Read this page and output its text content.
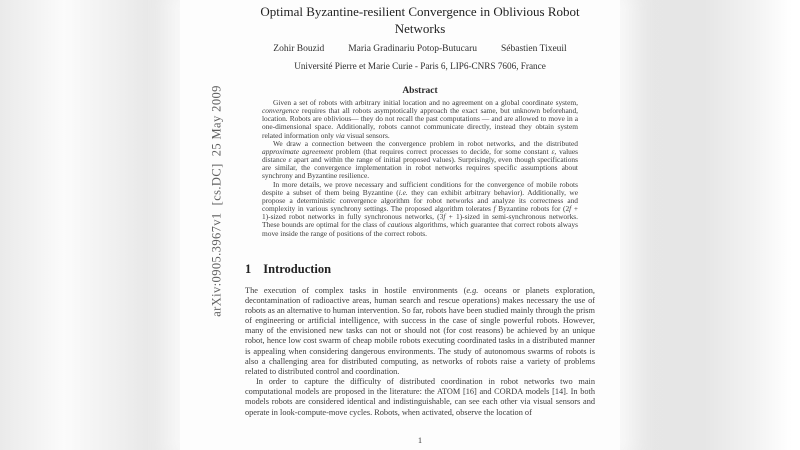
Optimal Byzantine-resilient Convergence in Oblivious Robot Networks
Zohir Bouzid	Maria Gradinariu Potop-Butucaru	Sébastien Tixeuil
Université Pierre et Marie Curie - Paris 6, LIP6-CNRS 7606, France
Abstract

Given a set of robots with arbitrary initial location and no agreement on a global coordinate system, convergence requires that all robots asymptotically approach the exact same, but unknown beforehand, location. Robots are oblivious— they do not recall the past computations — and are allowed to move in a one-dimensional space. Additionally, robots cannot communicate directly, instead they obtain system related information only via visual sensors.

We draw a connection between the convergence problem in robot networks, and the distributed approximate agreement problem (that requires correct processes to decide, for some constant ε, values distance ε apart and within the range of initial proposed values). Surprisingly, even though specifications are similar, the convergence implementation in robot networks requires specific assumptions about synchrony and Byzantine resilience.

In more details, we prove necessary and sufficient conditions for the convergence of mobile robots despite a subset of them being Byzantine (i.e. they can exhibit arbitrary behavior). Additionally, we propose a deterministic convergence algorithm for robot networks and analyze its correctness and complexity in various synchrony settings. The proposed algorithm tolerates f Byzantine robots for (2f + 1)-sized robot networks in fully synchronous networks, (3f + 1)-sized in semi-synchronous networks. These bounds are optimal for the class of cautious algorithms, which guarantee that correct robots always move inside the range of positions of the correct robots.

1 Introduction

The execution of complex tasks in hostile environments (e.g. oceans or planets exploration, decontamination of radioactive areas, human search and rescue operations) makes necessary the use of robots as an alternative to human intervention. So far, robots have been studied mainly through the prism of engineering or artificial intelligence, with success in the case of single powerful robots. However, many of the envisioned new tasks can not or should not (for cost reasons) be achieved by an unique robot, hence low cost swarm of cheap mobile robots executing coordinated tasks in a distributed manner is appealing when considering dangerous environments. The study of autonomous swarms of robots is also a challenging area for distributed computing, as networks of robots raise a variety of problems related to distributed control and coordination.

In order to capture the difficulty of distributed coordination in robot networks two main computational models are proposed in the literature: the ATOM [16] and CORDA models [14]. In both models robots are considered identical and indistinguishable, can see each other via visual sensors and operate in look-compute-move cycles. Robots, when activated, observe the location of

1
arXiv:0905.3967v1  [cs.DC]  25 May 2009
